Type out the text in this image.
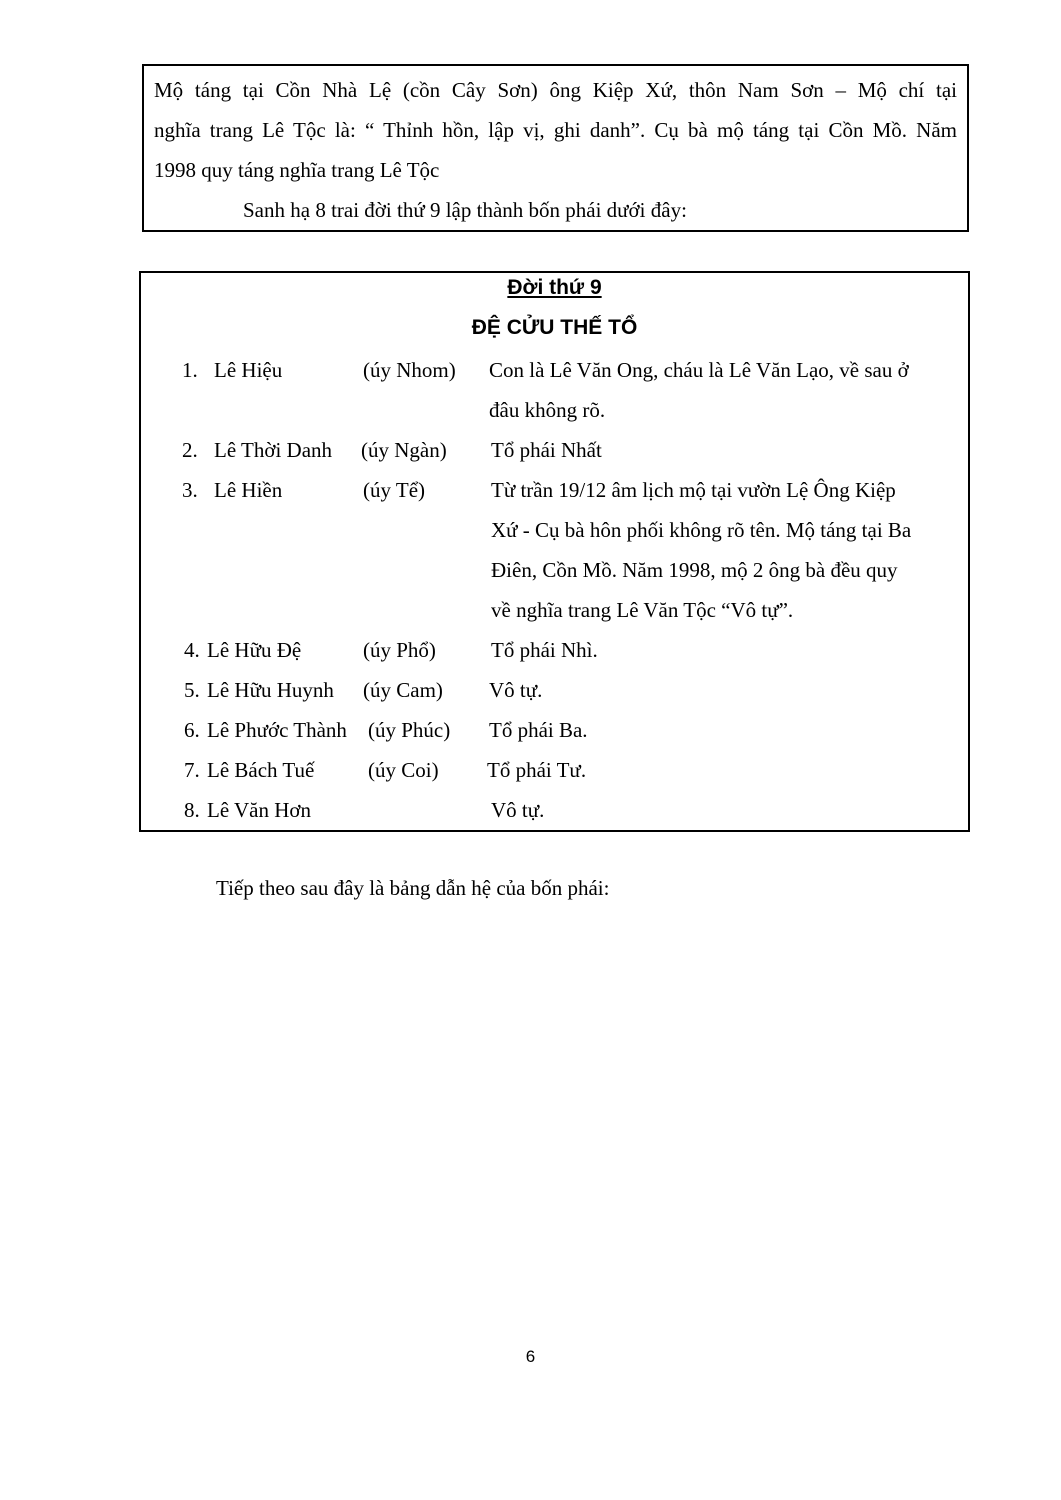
Mộ táng tại Cồn Nhà Lệ (cồn Cây Sơn) ông Kiệp Xứ, thôn Nam Sơn – Mộ chí tại
nghĩa trang Lê Tộc là: “ Thỉnh hồn, lập vị, ghi danh”. Cụ bà mộ táng tại Cồn Mồ. Năm
1998 quy táng nghĩa trang Lê Tộc
Sanh hạ 8 trai đời thứ 9 lập thành bốn phái dưới đây:
Đời thứ 9
ĐỆ CỬU THẾ TỔ
1. Lê Hiệu	(úy Nhom) Con là Lê Văn Ong, cháu là Lê Văn Lạo, về sau ở
đâu không rõ.
2. Lê Thời Danh (úy Ngàn) Tổ phái Nhất
3. Lê Hiền	(úy Tể)	Từ trần 19/12 âm lịch mộ tại vườn Lệ Ông Kiệp
Xứ - Cụ bà hôn phối không rõ tên. Mộ táng tại Ba
Điên, Cồn Mồ. Năm 1998, mộ 2 ông bà đều quy
về nghĩa trang Lê Văn Tộc “Vô tự”.
4. Lê Hữu Đệ	(úy Phổ)	Tổ phái Nhì.
5. Lê Hữu Huynh (úy Cam) Vô tự.
6. Lê Phước Thành (úy Phúc) Tổ phái Ba.
7. Lê Bách Tuế	(úy Coi) Tổ phái Tư.
8. Lê Văn Hơn	Vô tự.
Tiếp theo sau đây là bảng dẫn hệ của bốn phái:
6
